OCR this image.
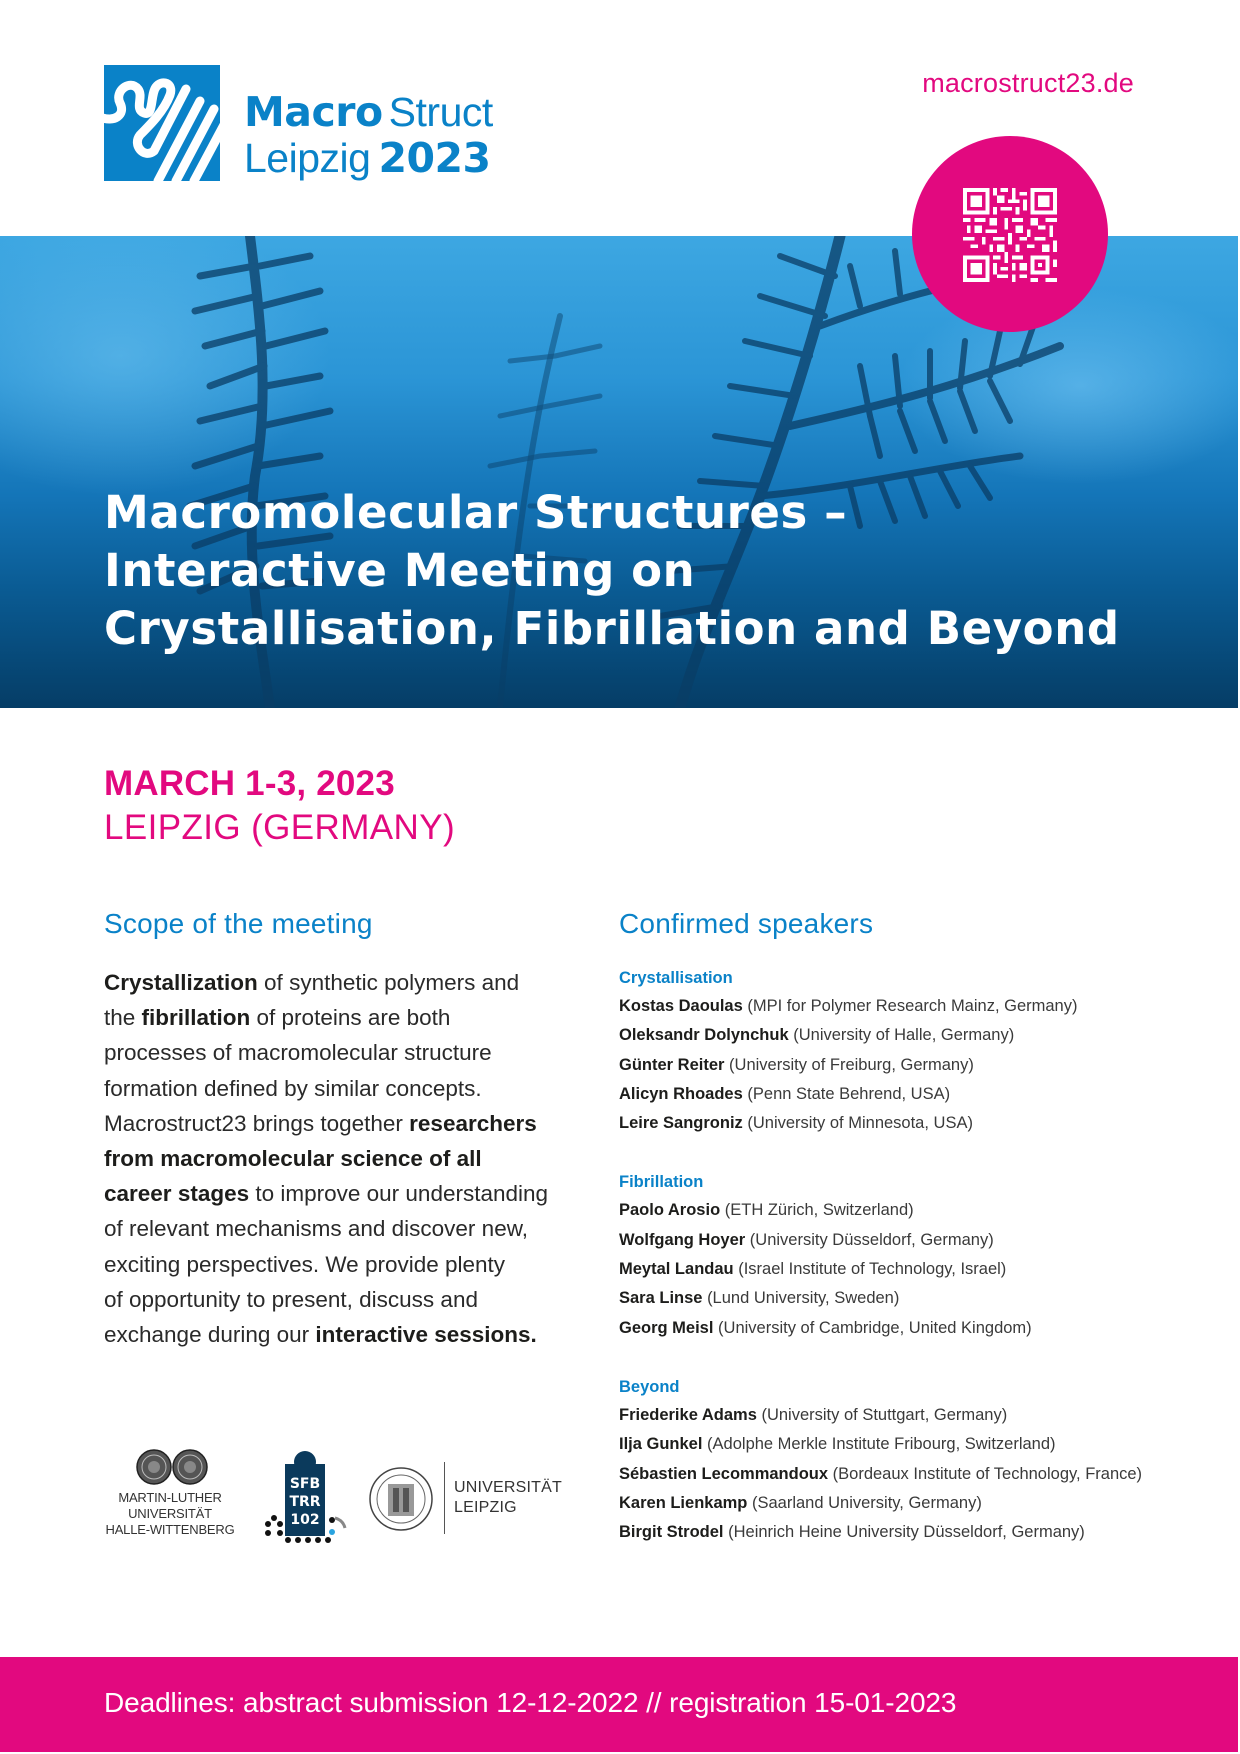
Macro Struct
Leipzig 2023
macrostruct23.de
Macromolecular Structures –
Interactive Meeting on
Crystallisation, Fibrillation and Beyond
MARCH 1-3, 2023
LEIPZIG (GERMANY)
Scope of the meeting
Crystallization of synthetic polymers and
the fibrillation of proteins are both
processes of macromolecular structure
formation defined by similar concepts.
Macrostruct23 brings together researchers
from macromolecular science of all
career stages to improve our understanding
of relevant mechanisms and discover new,
exciting perspectives. We provide plenty
of opportunity to present, discuss and
exchange during our interactive sessions.
Confirmed speakers
Crystallisation
Kostas Daoulas (MPI for Polymer Research Mainz, Germany)
Oleksandr Dolynchuk (University of Halle, Germany)
Günter Reiter (University of Freiburg, Germany)
Alicyn Rhoades (Penn State Behrend, USA)
Leire Sangroniz (University of Minnesota, USA)
Fibrillation
Paolo Arosio (ETH Zürich, Switzerland)
Wolfgang Hoyer (University Düsseldorf, Germany)
Meytal Landau (Israel Institute of Technology, Israel)
Sara Linse (Lund University, Sweden)
Georg Meisl (University of Cambridge, United Kingdom)
Beyond
Friederike Adams (University of Stuttgart, Germany)
Ilja Gunkel (Adolphe Merkle Institute Fribourg, Switzerland)
Sébastien Lecommandoux (Bordeaux Institute of Technology, France)
Karen Lienkamp (Saarland University, Germany)
Birgit Strodel (Heinrich Heine University Düsseldorf, Germany)
MARTIN-LUTHER
UNIVERSITÄT
HALLE-WITTENBERG
SFB
TRR
102
UNIVERSITÄT
LEIPZIG
Deadlines: abstract submission 12-12-2022 // registration 15-01-2023
